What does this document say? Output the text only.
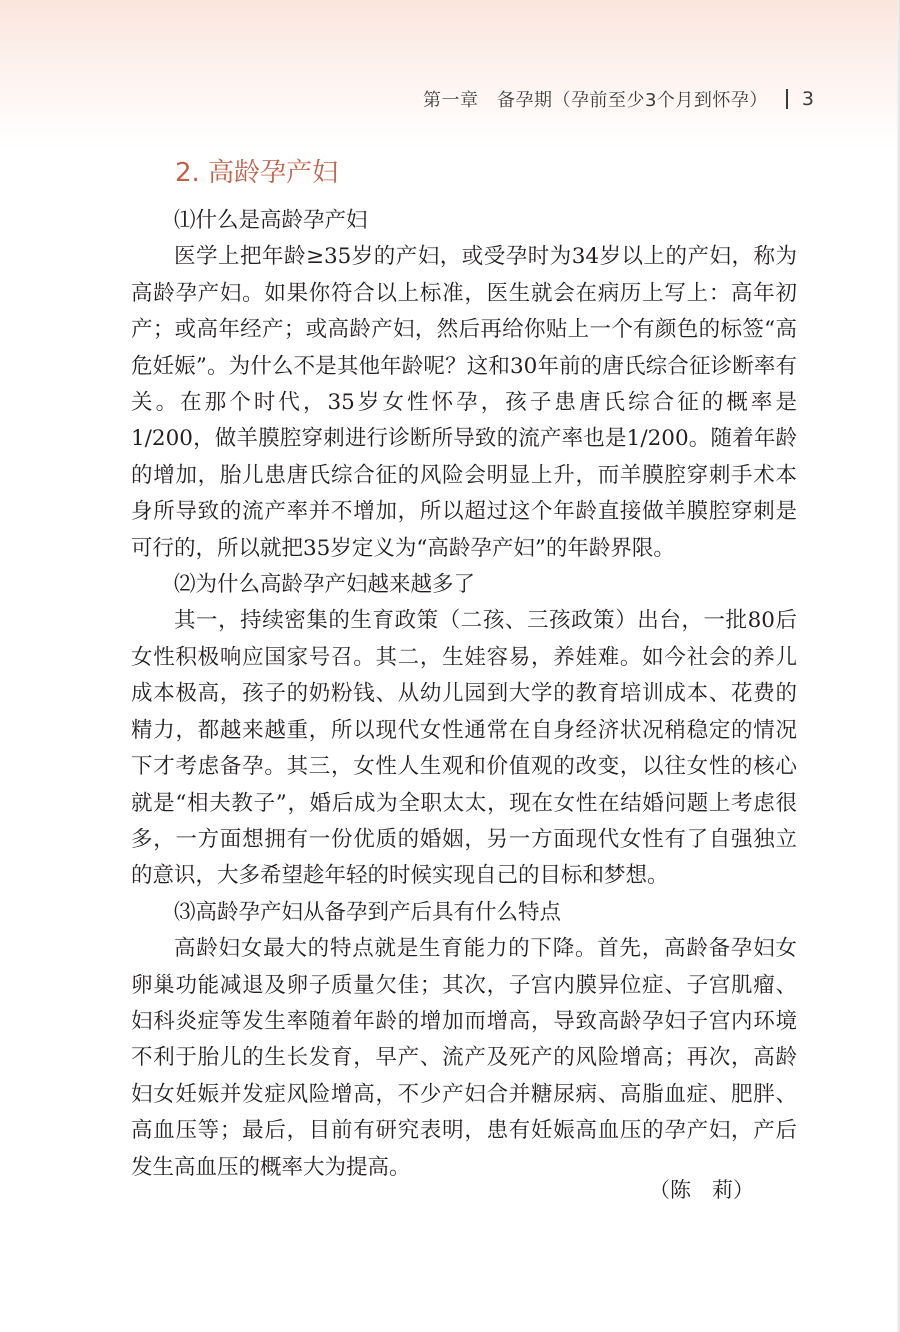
第一章　备孕期（孕前至少3个月到怀孕） 3
2. 高龄孕产妇

⑴什么是高龄孕产妇

医学上把年龄≥35岁的产妇，或受孕时为34岁以上的产妇，称为高龄孕产妇。如果你符合以上标准，医生就会在病历上写上：高年初产；或高年经产；或高龄产妇，然后再给你贴上一个有颜色的标签“高危妊娠”。为什么不是其他年龄呢？这和30年前的唐氏综合征诊断率有关。在那个时代，35岁女性怀孕，孩子患唐氏综合征的概率是1/200，做羊膜腔穿刺进行诊断所导致的流产率也是1/200。随着年龄的增加，胎儿患唐氏综合征的风险会明显上升，而羊膜腔穿刺手术本身所导致的流产率并不增加，所以超过这个年龄直接做羊膜腔穿刺是可行的，所以就把35岁定义为“高龄孕产妇”的年龄界限。

⑵为什么高龄孕产妇越来越多了

其一，持续密集的生育政策（二孩、三孩政策）出台，一批80后女性积极响应国家号召。其二，生娃容易，养娃难。如今社会的养儿成本极高，孩子的奶粉钱、从幼儿园到大学的教育培训成本、花费的精力，都越来越重，所以现代女性通常在自身经济状况稍稳定的情况下才考虑备孕。其三，女性人生观和价值观的改变，以往女性的核心就是“相夫教子”，婚后成为全职太太，现在女性在结婚问题上考虑很多，一方面想拥有一份优质的婚姻，另一方面现代女性有了自强独立的意识，大多希望趁年轻的时候实现自己的目标和梦想。

⑶高龄孕产妇从备孕到产后具有什么特点

高龄妇女最大的特点就是生育能力的下降。首先，高龄备孕妇女卵巢功能减退及卵子质量欠佳；其次，子宫内膜异位症、子宫肌瘤、妇科炎症等发生率随着年龄的增加而增高，导致高龄孕妇子宫内环境不利于胎儿的生长发育，早产、流产及死产的风险增高；再次，高龄妇女妊娠并发症风险增高，不少产妇合并糖尿病、高脂血症、肥胖、高血压等；最后，目前有研究表明，患有妊娠高血压的孕产妇，产后发生高血压的概率大为提高。

（陈　莉）
